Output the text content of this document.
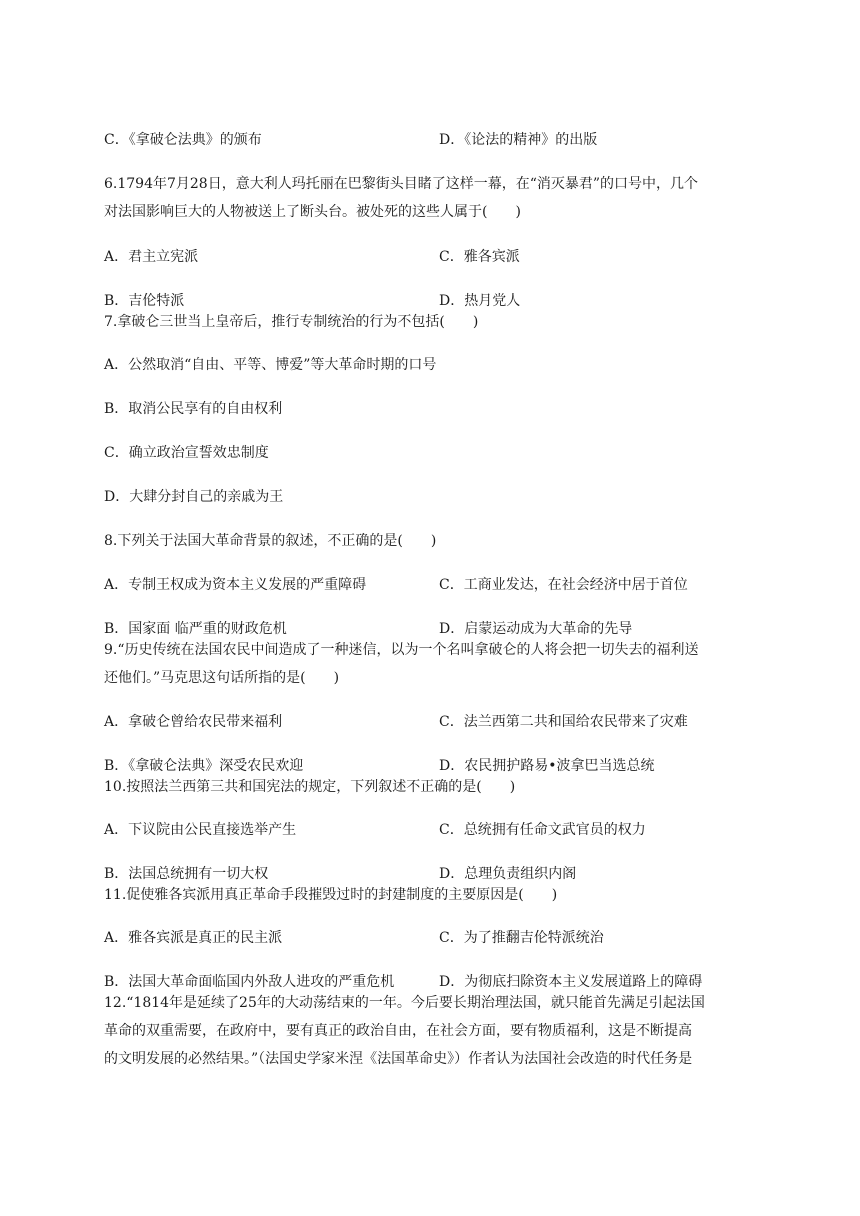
C．《拿破仑法典》的颁布	D．《论法的精神》的出版
6.1794年7月28日，意大利人玛托丽在巴黎街头目睹了这样一幕，在“消灭暴君”的口号中，几个
对法国影响巨大的人物被送上了断头台。被处死的这些人属于(　　)
A．君主立宪派	C．雅各宾派
B．吉伦特派	D．热月党人
7.拿破仑三世当上皇帝后，推行专制统治的行为不包括(　　)
A．公然取消“自由、平等、博爱”等大革命时期的口号
B．取消公民享有的自由权利
C．确立政治宣誓效忠制度
D．大肆分封自己的亲戚为王
8.下列关于法国大革命背景的叙述，不正确的是(　　)
A．专制王权成为资本主义发展的严重障碍	C．工商业发达，在社会经济中居于首位
B．国家面 临严重的财政危机	D．启蒙运动成为大革命的先导
9.“历史传统在法国农民中间造成了一种迷信，以为一个名叫拿破仑的人将会把一切失去的福利送
还他们。”马克思这句话所指的是(　　)
A．拿破仑曾给农民带来福利	C．法兰西第二共和国给农民带来了灾难
B．《拿破仑法典》深受农民欢迎	D．农民拥护路易•波拿巴当选总统
10.按照法兰西第三共和国宪法的规定，下列叙述不正确的是(　　)
A．下议院由公民直接选举产生	C．总统拥有任命文武官员的权力
B．法国总统拥有一切大权	D．总理负责组织内阁
11.促使雅各宾派用真正革命手段摧毁过时的封建制度的主要原因是(　　)
A．雅各宾派是真正的民主派	C．为了推翻吉伦特派统治
B．法国大革命面临国内外敌人进攻的严重危机	D．为彻底扫除资本主义发展道路上的障碍
12.“1814年是延续了25年的大动荡结束的一年。今后要长期治理法国，就只能首先满足引起法国
革命的双重需要，在政府中，要有真正的政治自由，在社会方面，要有物质福利，这是不断提高
的文明发展的必然结果。”（法国史学家米涅《法国革命史》）作者认为法国社会改造的时代任务是
